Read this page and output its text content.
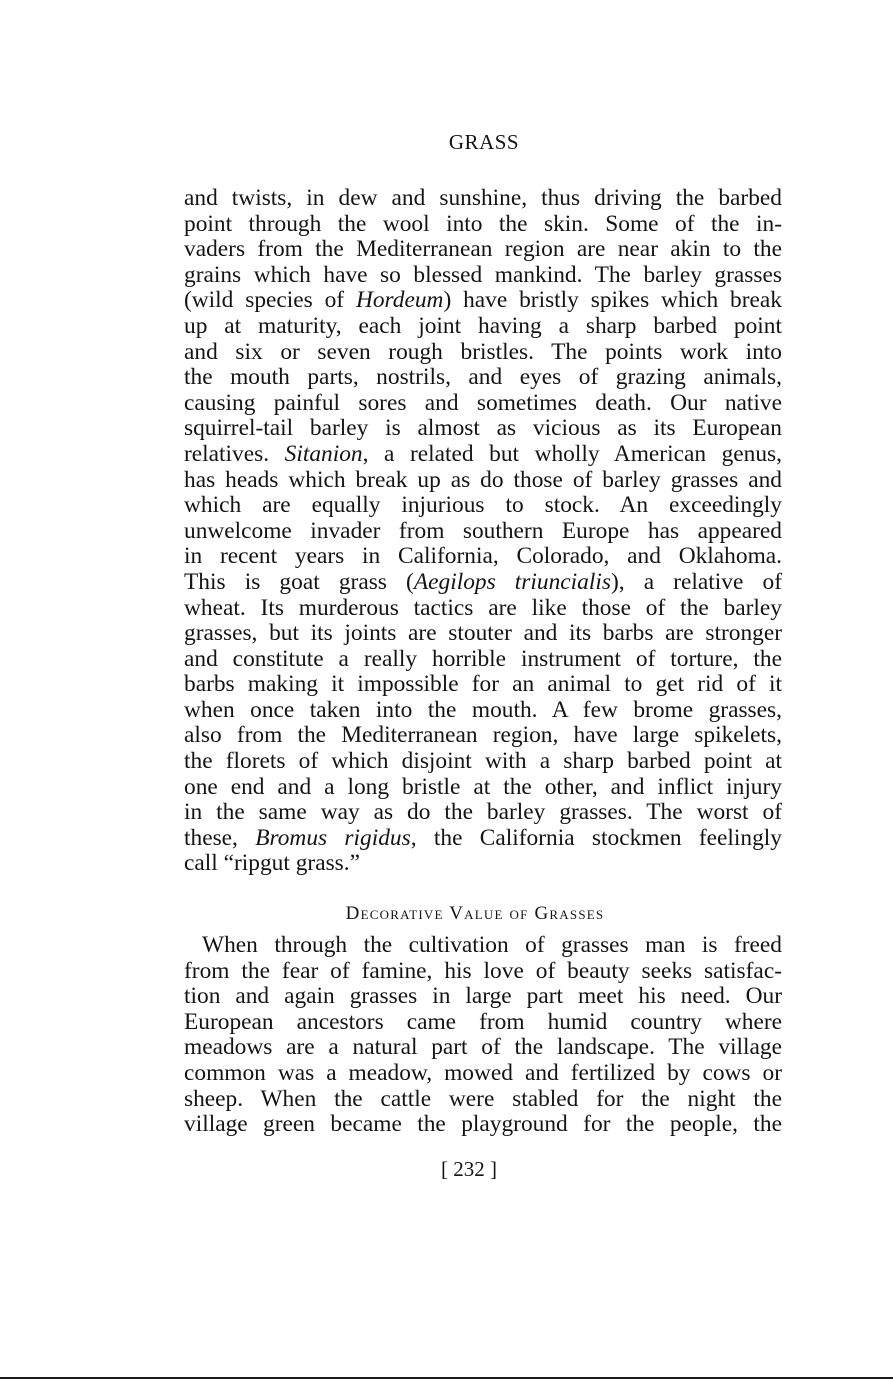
GRASS
and twists, in dew and sunshine, thus driving the barbed
point through the wool into the skin. Some of the in-
vaders from the Mediterranean region are near akin to the
grains which have so blessed mankind. The barley grasses
(wild species of Hordeum) have bristly spikes which break
up at maturity, each joint having a sharp barbed point
and six or seven rough bristles. The points work into
the mouth parts, nostrils, and eyes of grazing animals,
causing painful sores and sometimes death. Our native
squirrel-tail barley is almost as vicious as its European
relatives. Sitanion, a related but wholly American genus,
has heads which break up as do those of barley grasses and
which are equally injurious to stock. An exceedingly
unwelcome invader from southern Europe has appeared
in recent years in California, Colorado, and Oklahoma.
This is goat grass (Aegilops triuncialis), a relative of
wheat. Its murderous tactics are like those of the barley
grasses, but its joints are stouter and its barbs are stronger
and constitute a really horrible instrument of torture, the
barbs making it impossible for an animal to get rid of it
when once taken into the mouth. A few brome grasses,
also from the Mediterranean region, have large spikelets,
the florets of which disjoint with a sharp barbed point at
one end and a long bristle at the other, and inflict injury
in the same way as do the barley grasses. The worst of
these, Bromus rigidus, the California stockmen feelingly
call “ripgut grass.”
Decorative Value of Grasses
When through the cultivation of grasses man is freed
from the fear of famine, his love of beauty seeks satisfac-
tion and again grasses in large part meet his need. Our
European ancestors came from humid country where
meadows are a natural part of the landscape. The village
common was a meadow, mowed and fertilized by cows or
sheep. When the cattle were stabled for the night the
village green became the playground for the people, the
[ 232 ]
